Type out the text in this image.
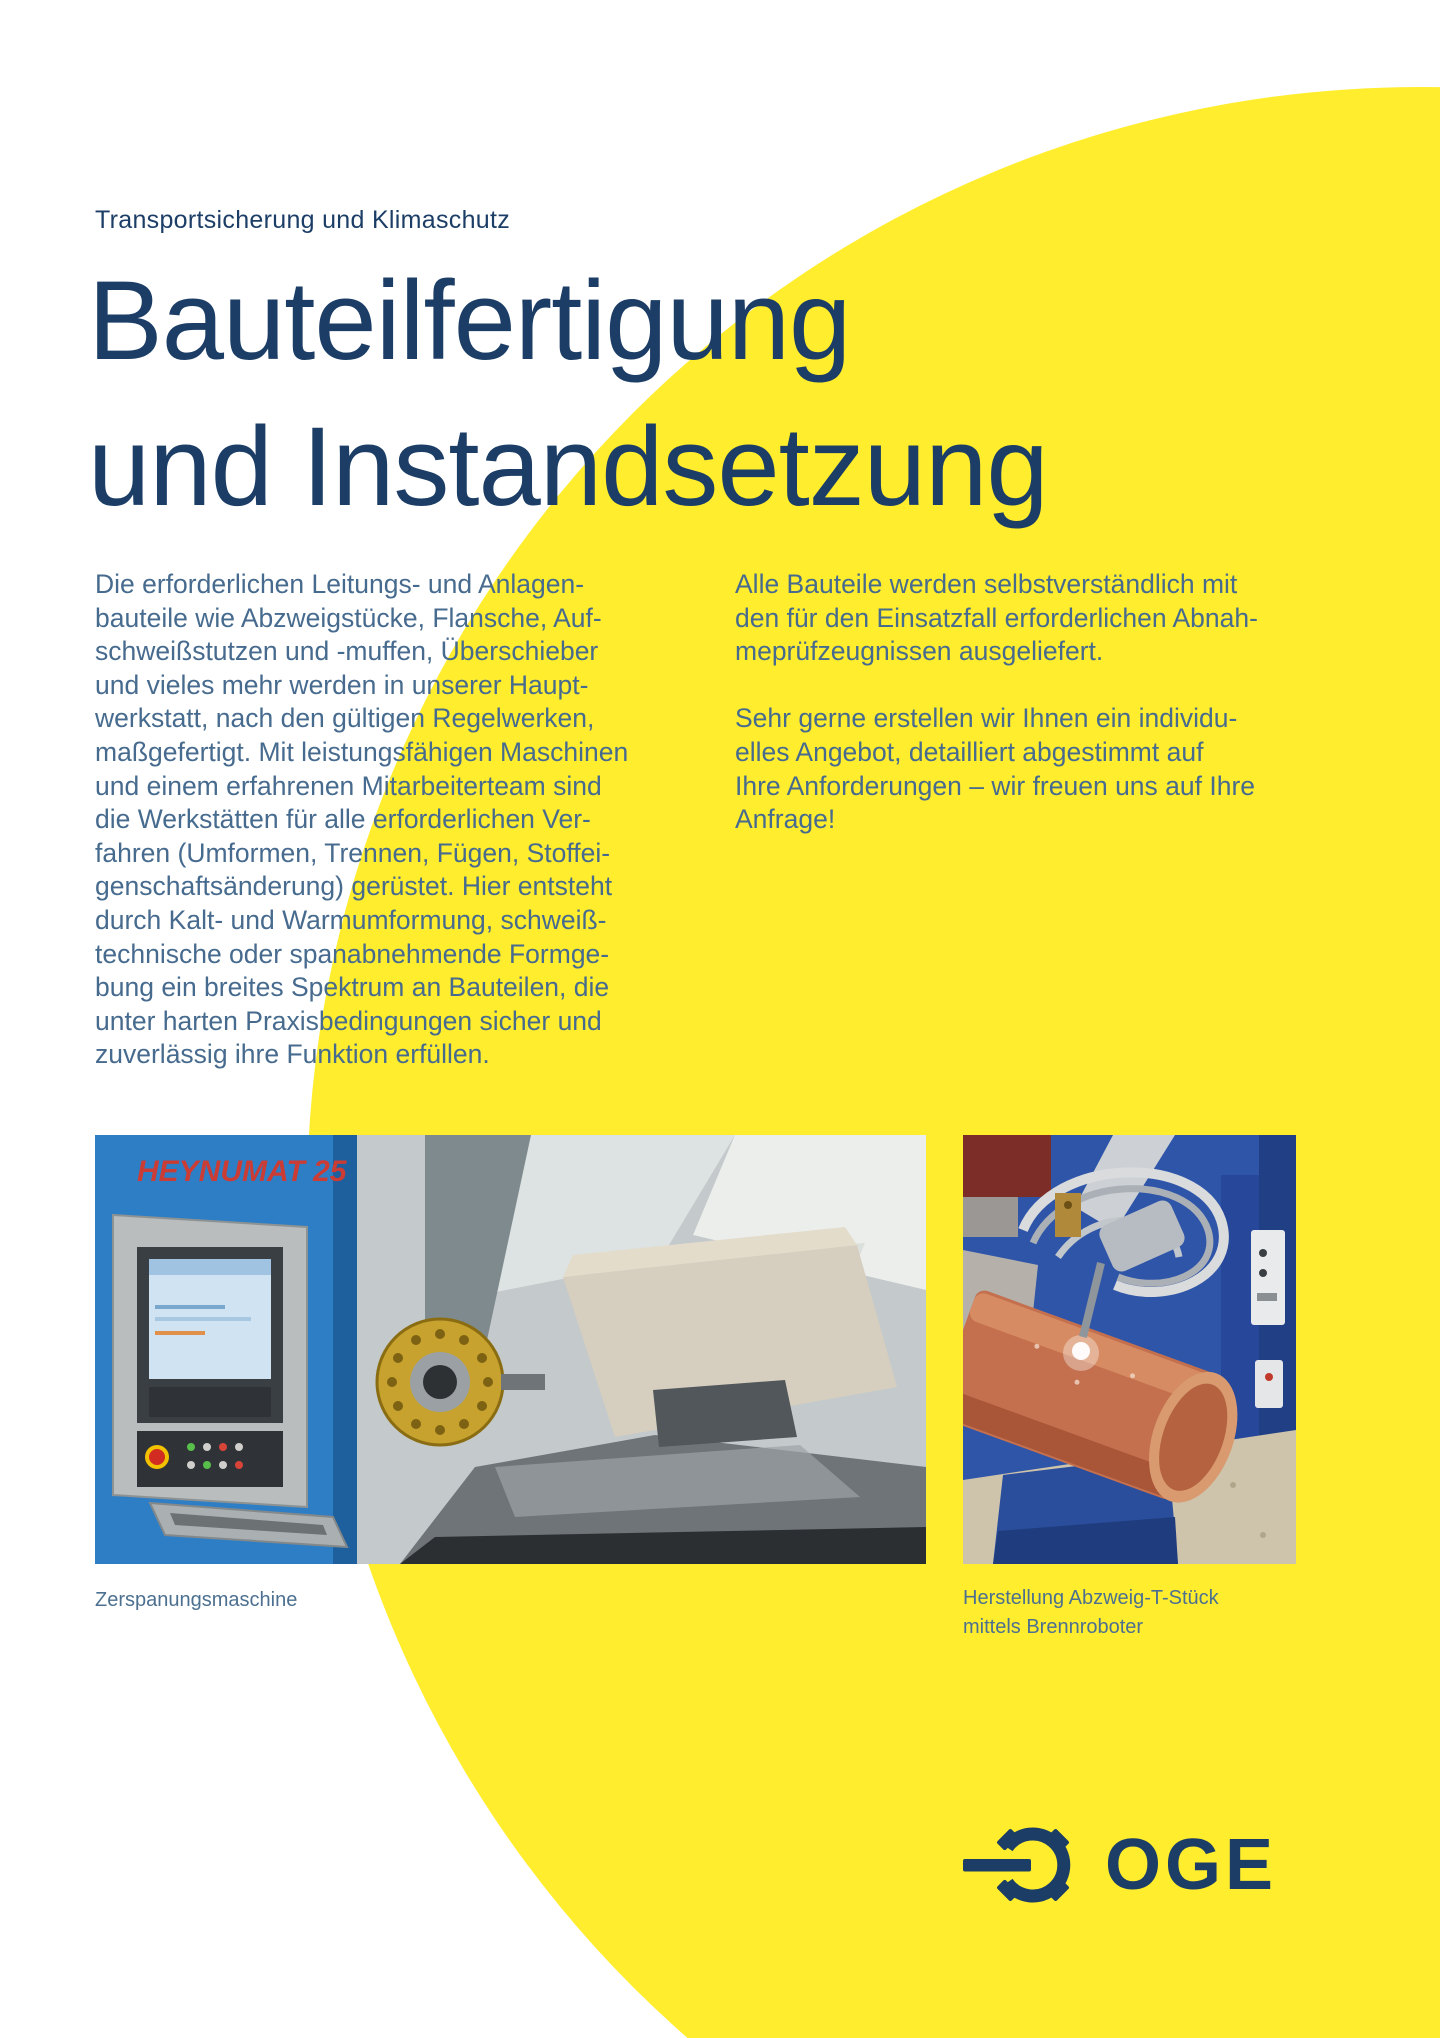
Transportsicherung und Klimaschutz
Bauteilfertigung
und Instandsetzung
Die erforderlichen Leitungs- und Anlagen-
bauteile wie Abzweigstücke, Flansche, Auf-
schweißstutzen und -muffen, Überschieber
und vieles mehr werden in unserer Haupt-
werkstatt, nach den gültigen Regelwerken,
maßgefertigt. Mit leistungsfähigen Maschinen
und einem erfahrenen Mitarbeiterteam sind
die Werkstätten für alle erforderlichen Ver-
fahren (Umformen, Trennen, Fügen, Stoffei-
genschaftsänderung) gerüstet. Hier entsteht
durch Kalt- und Warmumformung, schweiß-
technische oder spanabnehmende Formge-
bung ein breites Spektrum an Bauteilen, die
unter harten Praxisbedingungen sicher und
zuverlässig ihre Funktion erfüllen.
Alle Bauteile werden selbstverständlich mit
den für den Einsatzfall erforderlichen Abnah-
meprüfzeugnissen ausgeliefert.
Sehr gerne erstellen wir Ihnen ein individu-
elles Angebot, detailliert abgestimmt auf
Ihre Anforderungen – wir freuen uns auf Ihre
Anfrage!
HEYNUMAT 25
Zerspanungsmaschine	Herstellung Abzweig-T-Stück
mittels Brennroboter
OGE
